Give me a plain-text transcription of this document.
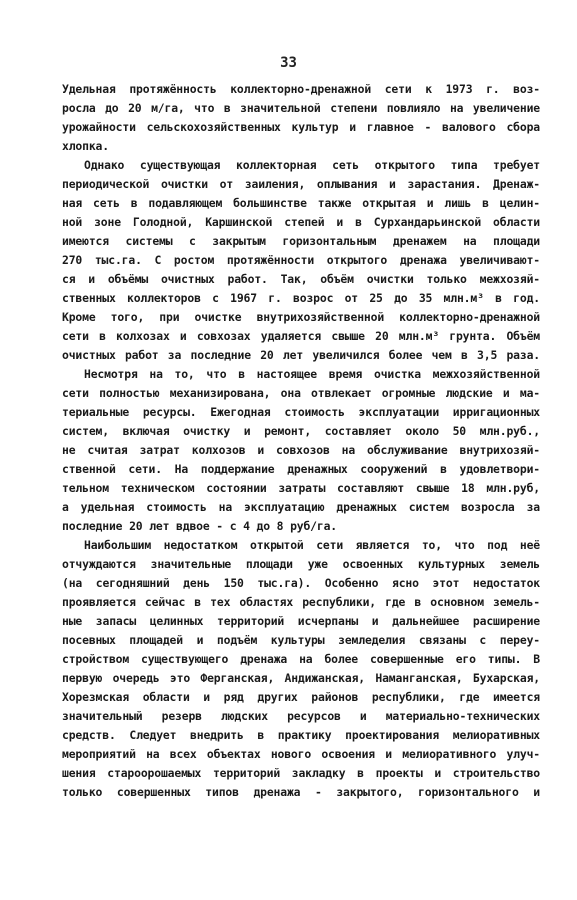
33
Удельная протяжённость коллекторно-дренажной сети к 1973 г. воз-
росла до 20 м/га, что в значительной степени повлияло на увеличение
урожайности сельскохозяйственных культур и главное - валового сбора
хлопка.
Однако существующая коллекторная сеть открытого типа требует
периодической очистки от заиления, оплывания и зарастания. Дренаж-
ная сеть в подавляющем большинстве также открытая и лишь в целин-
ной зоне Голодной, Каршинской степей и в Сурхандарьинской области
имеются системы с закрытым горизонтальным дренажем на площади
270 тыс.га. С ростом протяжённости открытого дренажа увеличивают-
ся и объёмы очистных работ. Так, объём очистки только межхозяй-
ственных коллекторов с 1967 г. возрос от 25 до 35 млн.м³ в год.
Кроме того, при очистке внутрихозяйственной коллекторно-дренажной
сети в колхозах и совхозах удаляется свыше 20 млн.м³ грунта. Объём
очистных работ за последние 20 лет увеличился более чем в 3,5 раза.
Несмотря на то, что в настоящее время очистка межхозяйственной
сети полностью механизирована, она отвлекает огромные людские и ма-
териальные ресурсы. Ежегодная стоимость эксплуатации ирригационных
систем, включая очистку и ремонт, составляет около 50 млн.руб.,
не считая затрат колхозов и совхозов на обслуживание внутрихозяй-
ственной сети. На поддержание дренажных сооружений в удовлетвори-
тельном техническом состоянии затраты составляют свыше 18 млн.руб,
а удельная стоимость на эксплуатацию дренажных систем возросла за
последние 20 лет вдвое - с 4 до 8 руб/га.
Наибольшим недостатком открытой сети является то, что под неё
отчуждаются значительные площади уже освоенных культурных земель
(на сегодняшний день 150 тыс.га). Особенно ясно этот недостаток
проявляется сейчас в тех областях республики, где в основном земель-
ные запасы целинных территорий исчерпаны и дальнейшее расширение
посевных площадей и подъём культуры земледелия связаны с переу-
стройством существующего дренажа на более совершенные его типы. В
первую очередь это Ферганская, Андижанская, Наманганская, Бухарская,
Хорезмская области и ряд других районов республики, где имеется
значительный резерв людских ресурсов и материально-технических
средств. Следует внедрить в практику проектирования мелиоративных
мероприятий на всех объектах нового освоения и мелиоративного улуч-
шения староорошаемых территорий закладку в проекты и строительство
только совершенных типов дренажа - закрытого, горизонтального и
